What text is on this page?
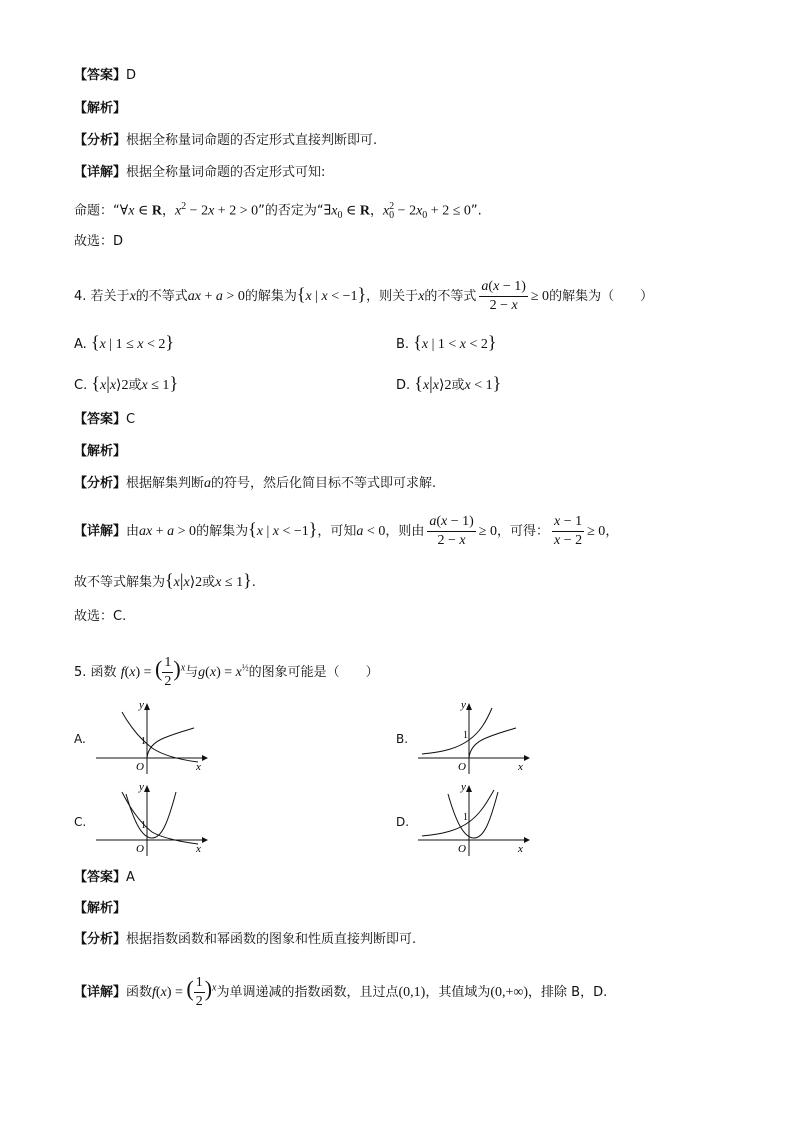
【答案】D
【解析】
【分析】根据全称量词命题的否定形式直接判断即可.
【详解】根据全称量词命题的否定形式可知:
命题：“∀x ∈ R，$x^2 - 2x + 2 > 0$”的否定为“$\exists x_0$ ∈ R，$x_0^2 - 2x_0 + 2 \le 0$”.
故选：D
4. 若关于x的不等式ax + a > 0的解集为{x | x < −1}，则关于x的不等式 $\frac{a(x - 1)}{2 - x} \ge 0$的解集为（　　）
A. {x | 1 ≤ x < 2}	B. {x | 1 < x < 2}
C. {x|x⟩2或x ≤ 1}	D. {x|x⟩2或x < 1}
【答案】C
【解析】
【分析】根据解集判断a的符号，然后化简目标不等式即可求解.
【详解】由ax + a > 0的解集为{x | x < −1}，可知a < 0，则由 $\frac{a(x - 1)}{2 - x} \ge 0$，可得： $\frac{x - 1}{x - 2} \ge 0$，
故不等式解集为{x|x⟩2或x ≤ 1}.
故选：C.
5. 函数 f(x) = ( $\frac{1}{2} )^x$与$g(x) = x^{\frac{1}{2}}$的图象可能是（　　）
A.
y
x
O
1	B.
y
x
O
1
C.
y
x
O
1	D.
y
x
O
1
【答案】A
【解析】
【分析】根据指数函数和幂函数的图象和性质直接判断即可.
【详解】函数f(x) = ( $\frac{1}{2} )^x$为单调递减的指数函数，且过点(0,1)，其值域为(0,+∞)，排除 B，D.
